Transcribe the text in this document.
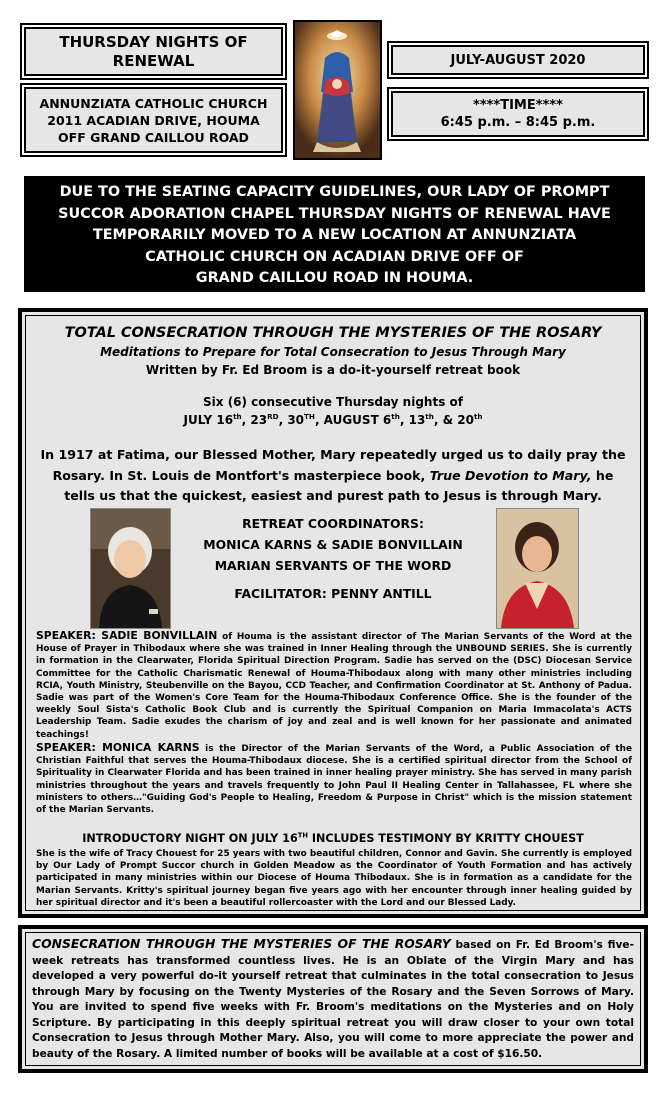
THURSDAY NIGHTS OF RENEWAL
ANNUNZIATA CATHOLIC CHURCH
2011 ACADIAN DRIVE, HOUMA
OFF GRAND CAILLOU ROAD
JULY-AUGUST 2020
****TIME****
6:45 p.m. – 8:45 p.m.
DUE TO THE SEATING CAPACITY GUIDELINES, OUR LADY OF PROMPT
SUCCOR ADORATION CHAPEL THURSDAY NIGHTS OF RENEWAL HAVE
TEMPORARILY MOVED TO A NEW LOCATION AT ANNUNZIATA
CATHOLIC CHURCH ON ACADIAN DRIVE OFF OF
GRAND CAILLOU ROAD IN HOUMA.
TOTAL CONSECRATION THROUGH THE MYSTERIES OF THE ROSARY
Meditations to Prepare for Total Consecration to Jesus Through Mary
Written by Fr. Ed Broom is a do-it-yourself retreat book
Six (6) consecutive Thursday nights of
JULY 16th, 23RD, 30TH, AUGUST 6th, 13th, & 20th
In 1917 at Fatima, our Blessed Mother, Mary repeatedly urged us to daily pray the Rosary. In St. Louis de Montfort's masterpiece book, True Devotion to Mary, he tells us that the quickest, easiest and purest path to Jesus is through Mary.
RETREAT COORDINATORS:
MONICA KARNS & SADIE BONVILLAIN
MARIAN SERVANTS OF THE WORD
FACILITATOR: PENNY ANTILL
SPEAKER: SADIE BONVILLAIN of Houma is the assistant director of The Marian Servants of the Word at the House of Prayer in Thibodaux where she was trained in Inner Healing through the UNBOUND SERIES. She is currently in formation in the Clearwater, Florida Spiritual Direction Program. Sadie has served on the (DSC) Diocesan Service Committee for the Catholic Charismatic Renewal of Houma-Thibodaux along with many other ministries including RCIA, Youth Ministry, Steubenville on the Bayou, CCD Teacher, and Confirmation Coordinator at St. Anthony of Padua. Sadie was part of the Women's Core Team for the Houma-Thibodaux Conference Office. She is the founder of the weekly Soul Sista's Catholic Book Club and is currently the Spiritual Companion on Maria Immacolata's ACTS Leadership Team. Sadie exudes the charism of joy and zeal and is well known for her passionate and animated teachings!
SPEAKER: MONICA KARNS is the Director of the Marian Servants of the Word, a Public Association of the Christian Faithful that serves the Houma-Thibodaux diocese. She is a certified spiritual director from the School of Spirituality in Clearwater Florida and has been trained in inner healing prayer ministry. She has served in many parish ministries throughout the years and travels frequently to John Paul II Healing Center in Tallahassee, FL where she ministers to others…"Guiding God's People to Healing, Freedom & Purpose in Christ" which is the mission statement of the Marian Servants.
INTRODUCTORY NIGHT ON JULY 16TH INCLUDES TESTIMONY BY KRITTY CHOUEST
She is the wife of Tracy Chouest for 25 years with two beautiful children, Connor and Gavin. She currently is employed by Our Lady of Prompt Succor church in Golden Meadow as the Coordinator of Youth Formation and has actively participated in many ministries within our Diocese of Houma Thibodaux. She is in formation as a candidate for the Marian Servants. Kritty's spiritual journey began five years ago with her encounter through inner healing guided by her spiritual director and it's been a beautiful rollercoaster with the Lord and our Blessed Lady.
CONSECRATION THROUGH THE MYSTERIES OF THE ROSARY based on Fr. Ed Broom's five-week retreats has transformed countless lives. He is an Oblate of the Virgin Mary and has developed a very powerful do-it yourself retreat that culminates in the total consecration to Jesus through Mary by focusing on the Twenty Mysteries of the Rosary and the Seven Sorrows of Mary. You are invited to spend five weeks with Fr. Broom's meditations on the Mysteries and on Holy Scripture. By participating in this deeply spiritual retreat you will draw closer to your own total Consecration to Jesus through Mother Mary. Also, you will come to more appreciate the power and beauty of the Rosary. A limited number of books will be available at a cost of $16.50.
